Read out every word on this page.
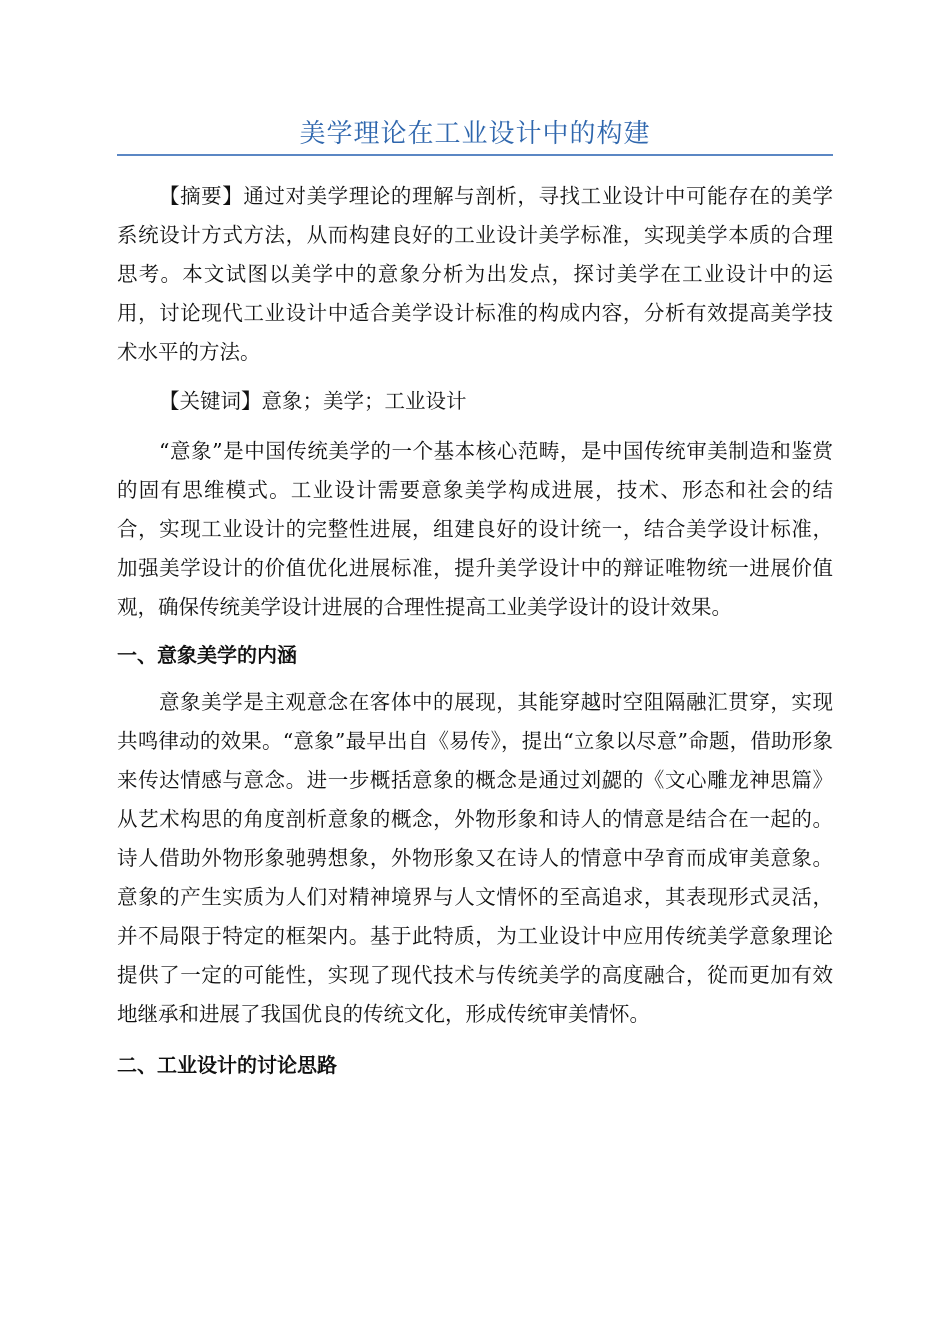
美学理论在工业设计中的构建

【摘要】通过对美学理论的理解与剖析，寻找工业设计中可能存在的美学系统设计方式方法，从而构建良好的工业设计美学标准，实现美学本质的合理思考。本文试图以美学中的意象分析为出发点，探讨美学在工业设计中的运用，讨论现代工业设计中适合美学设计标准的构成内容，分析有效提高美学技术水平的方法。

【关键词】意象；美学；工业设计

“意象”是中国传统美学的一个基本核心范畴，是中国传统审美制造和鉴赏的固有思维模式。工业设计需要意象美学构成进展，技术、形态和社会的结合，实现工业设计的完整性进展，组建良好的设计统一，结合美学设计标准，加强美学设计的价值优化进展标准，提升美学设计中的辩证唯物统一进展价值观，确保传统美学设计进展的合理性提高工业美学设计的设计效果。

一、意象美学的内涵

意象美学是主观意念在客体中的展现，其能穿越时空阻隔融汇贯穿，实现共鸣律动的效果。“意象”最早出自《易传》，提出“立象以尽意”命题，借助形象来传达情感与意念。进一步概括意象的概念是通过刘勰的《文心雕龙神思篇》从艺术构思的角度剖析意象的概念，外物形象和诗人的情意是结合在一起的。诗人借助外物形象驰骋想象，外物形象又在诗人的情意中孕育而成审美意象。意象的产生实质为人们对精神境界与人文情怀的至高追求，其表现形式灵活，并不局限于特定的框架内。基于此特质，为工业设计中应用传统美学意象理论提供了一定的可能性，实现了现代技术与传统美学的高度融合，從而更加有效地继承和进展了我国优良的传统文化，形成传统审美情怀。

二、工业设计的讨论思路
